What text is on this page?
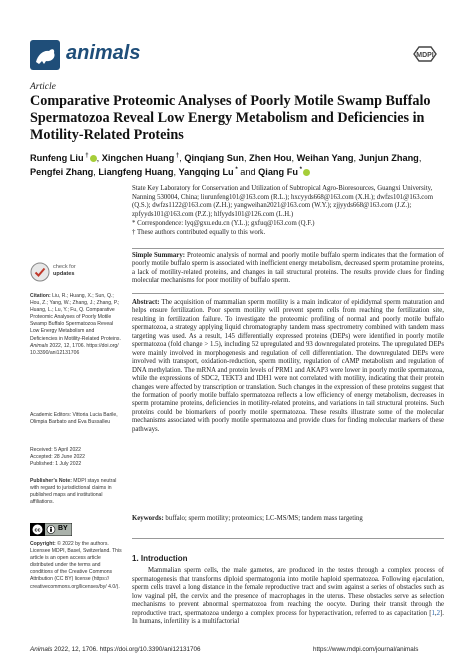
animals	MDPI
Article
Comparative Proteomic Analyses of Poorly Motile Swamp Buffalo Spermatozoa Reveal Low Energy Metabolism and Deficiencies in Motility-Related Proteins
Runfeng Liu † , Xingchen Huang †, Qinqiang Sun, Zhen Hou, Weihan Yang, Junjun Zhang, Pengfei Zhang, Liangfeng Huang, Yangqing Lu * and Qiang Fu *
State Key Laboratory for Conservation and Utilization of Subtropical Agro-Bioresources, Guangxi University, Nanning 530004, China; liurunfeng101@163.com (R.L.); hxcyyds668@163.com (X.H.); dwfzs101@163.com (Q.S.); dwfzs1122@163.com (Z.H.); yangweihan2021@163.com (W.Y.); zjjyyds668@163.com (J.Z.); zpfyyds101@163.com (P.Z.); hlfyyds101@126.com (L.H.)
* Correspondence: lyq@gxu.edu.cn (Y.L.); gxfuq@163.com (Q.F.)
† These authors contributed equally to this work.
Simple Summary: Proteomic analysis of normal and poorly motile buffalo sperm indicates that the formation of poorly motile buffalo sperm is associated with inefficient energy metabolism, decreased sperm protamine proteins, a lack of motility-related proteins, and changes in tail structural proteins. The results provide clues for finding molecular mechanisms for poor motility of buffalo sperm.
Abstract: The acquisition of mammalian sperm motility is a main indicator of epididymal sperm maturation and helps ensure fertilization. Poor sperm motility will prevent sperm cells from reaching the fertilization site, resulting in fertilization failure. To investigate the proteomic profiling of normal and poorly motile buffalo spermatozoa, a strategy applying liquid chromatography tandem mass spectrometry combined with tandem mass targeting was used. As a result, 145 differentially expressed proteins (DEPs) were identified in poorly motile spermatozoa (fold change > 1.5), including 52 upregulated and 93 downregulated proteins. The upregulated DEPs were mainly involved in morphogenesis and regulation of cell differentiation. The downregulated DEPs were involved with transport, oxidation-reduction, sperm motility, regulation of cAMP metabolism and regulation of DNA methylation. The mRNA and protein levels of PRM1 and AKAP3 were lower in poorly motile spermatozoa, while the expressions of SDC2, TEKT3 and IDH1 were not correlated with motility, indicating that their protein changes were affected by transcription or translation. Such changes in the expression of these proteins suggest that the formation of poorly motile buffalo spermatozoa reflects a low efficiency of energy metabolism, decreases in sperm protamine proteins, deficiencies in motility-related proteins, and variations in tail structural proteins. Such proteins could be biomarkers of poorly motile spermatozoa. These results illustrate some of the molecular mechanisms associated with poorly motile spermatozoa and provide clues for finding molecular markers of these pathways.
Keywords: buffalo; sperm motility; proteomics; LC-MS/MS; tandem mass targeting
1. Introduction
Mammalian sperm cells, the male gametes, are produced in the testes through a complex process of spermatogenesis that transforms diploid spermatogonia into motile haploid spermatozoa. Following ejaculation, sperm cells travel a long distance in the female reproductive tract and swim against a series of obstacles such as low vaginal pH, the cervix and the presence of macrophages in the uterus. These obstacles serve as selection mechanisms to prevent abnormal spermatozoa from reaching the oocyte. During their transit through the reproductive tract, spermatozoa undergo a complex process for hyperactivation, referred to as capacitation [1,2]. In humans, infertility is a multifactorial
check for
updates
Citation: Liu, R.; Huang, X.; Sun, Q.; Hou, Z.; Yang, W.; Zhang, J.; Zhang, P.; Huang, L.; Lu, Y.; Fu, Q. Comparative Proteomic Analyses of Poorly Motile Swamp Buffalo Spermatozoa Reveal Low Energy Metabolism and Deficiencies in Motility-Related Proteins. Animals 2022, 12, 1706. https://doi.org/ 10.3390/ani12131706
Academic Editors: Vittoria Lucia Barile, Olimpia Barbato and Eva Bussalleu
Received: 5 April 2022
Accepted: 28 June 2022
Published: 1 July 2022
Publisher’s Note: MDPI stays neutral with regard to jurisdictional claims in published maps and institutional affiliations.
cc BY
Copyright: © 2022 by the authors. Licensee MDPI, Basel, Switzerland. This article is an open access article distributed under the terms and conditions of the Creative Commons Attribution (CC BY) license (https:// creativecommons.org/licenses/by/ 4.0/).
Animals 2022, 12, 1706. https://doi.org/10.3390/ani12131706	https://www.mdpi.com/journal/animals
